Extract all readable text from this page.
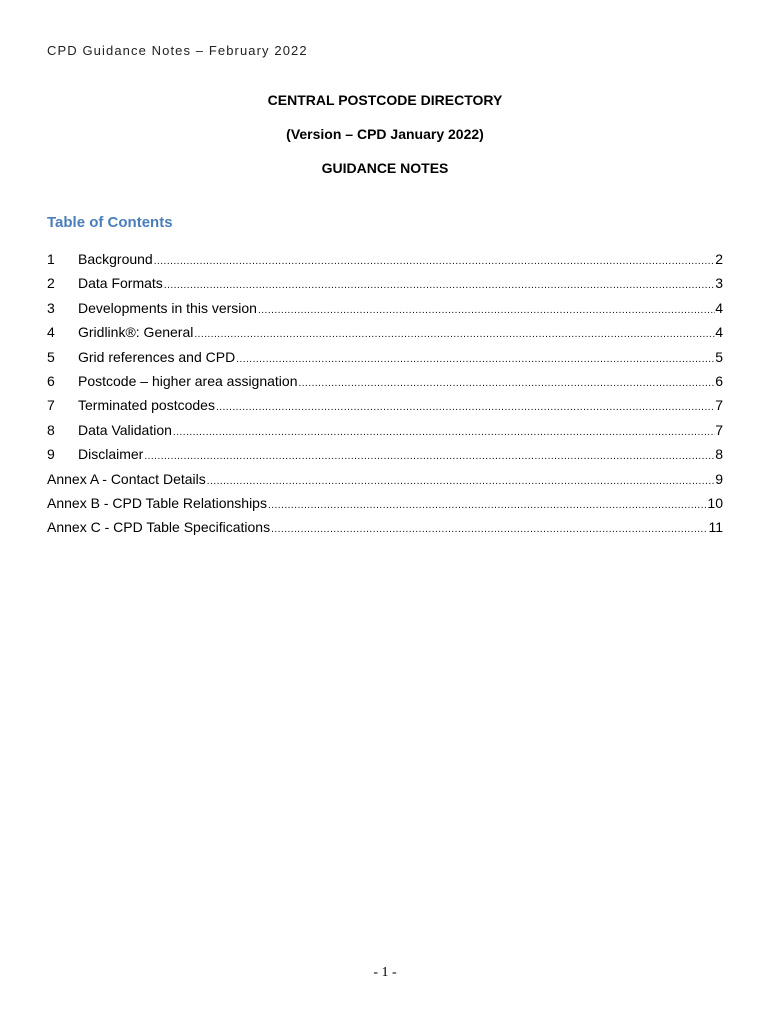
CPD Guidance Notes – February 2022
CENTRAL POSTCODE DIRECTORY
(Version – CPD January 2022)
GUIDANCE NOTES
Table of Contents
1	Background .....	2
2	Data Formats .....	3
3	Developments in this version .....	4
4	Gridlink®: General .....	4
5	Grid references and CPD .....	5
6	Postcode – higher area assignation .....	6
7	Terminated postcodes .....	7
8	Data Validation .....	7
9	Disclaimer .....	8
Annex A - Contact Details .....	9
Annex B - CPD Table Relationships .....	10
Annex C - CPD Table Specifications .....	11
- 1 -
